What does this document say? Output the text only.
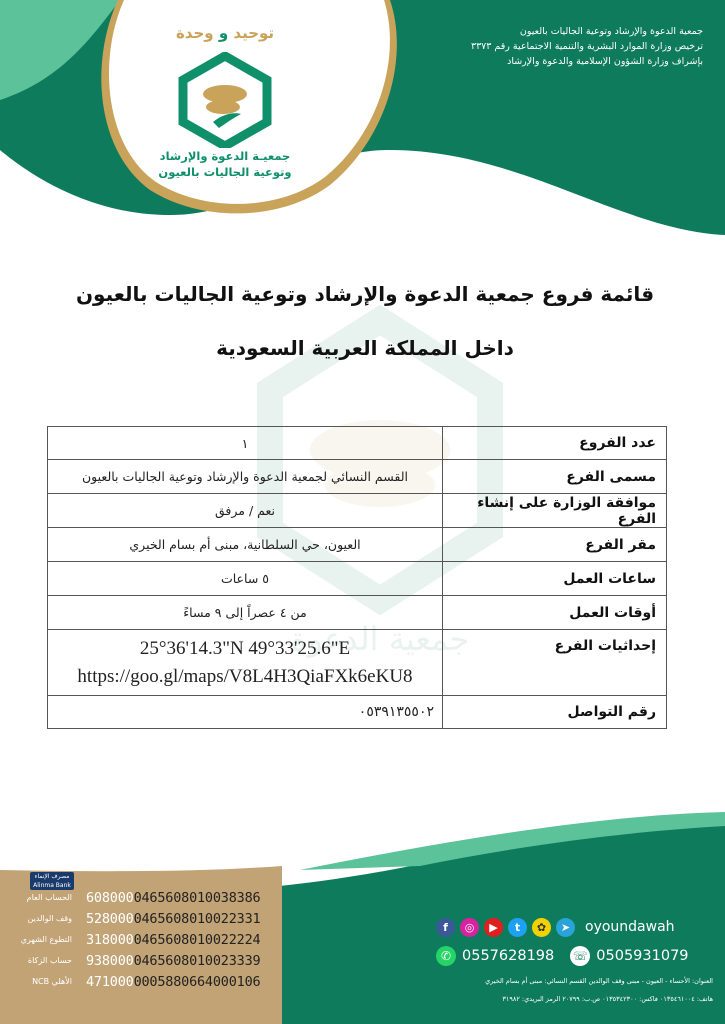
جمعية الدعوة
جمعية الدعوة والإرشاد وتوعية الجاليات بالعيون
ترخيص وزارة الموارد البشرية والتنمية الاجتماعية رقم ٣٣٧٣
بإشراف وزارة الشؤون الإسلامية والدعوة والإرشاد
توحيد و وحدة
جمعيـة الدعوة والإرشاد
وتوعية الجاليات بالعيون
قائمة فروع جمعية الدعوة والإرشاد وتوعية الجاليات بالعيون
داخل المملكة العربية السعودية
عدد الفروع	١
مسمى الفرع	القسم النسائي لجمعية الدعوة والإرشاد وتوعية الجاليات بالعيون
موافقة الوزارة على إنشاء الفرع	نعم / مرفق
مقر الفرع	العيون، حي السلطانية، مبنى أم بسام الخيري
ساعات العمل	٥ ساعات
أوقات العمل	من ٤ عصراً إلى ٩ مساءً
إحداثيات الفرع	25°36'14.3"N 49°33'25.6"E
https://goo.gl/maps/V8L4H3QiaFXk6eKU8

رقم التواصل	٠٥٣٩١٣٥٥٠٢
مصرف الإنماء Alinma Bank
6080000465608010038386
الحساب العام
5280000465608010022331
وقف الوالدين
3180000465608010022224
التطوع الشهري
9380000465608010023339
حساب الزكاة
4710000005880664000106
الأهلي NCB
f	◎	▶	t	✿	➤	oyoundawah
✆ 0557628198 ☏ 0505931079
العنوان: الأحساء - العيون - مبنى وقف الوالدين القسم النسائي: مبنى أم بسام الخيري
هاتف: ٠١٣٥٤٦١٠٠٤ فاكس: ٠١٣٥٣٤٢٣٠٠ ص.ب: ٢٠٧٩٩ الرمز البريدي: ٣١٩٨٢
